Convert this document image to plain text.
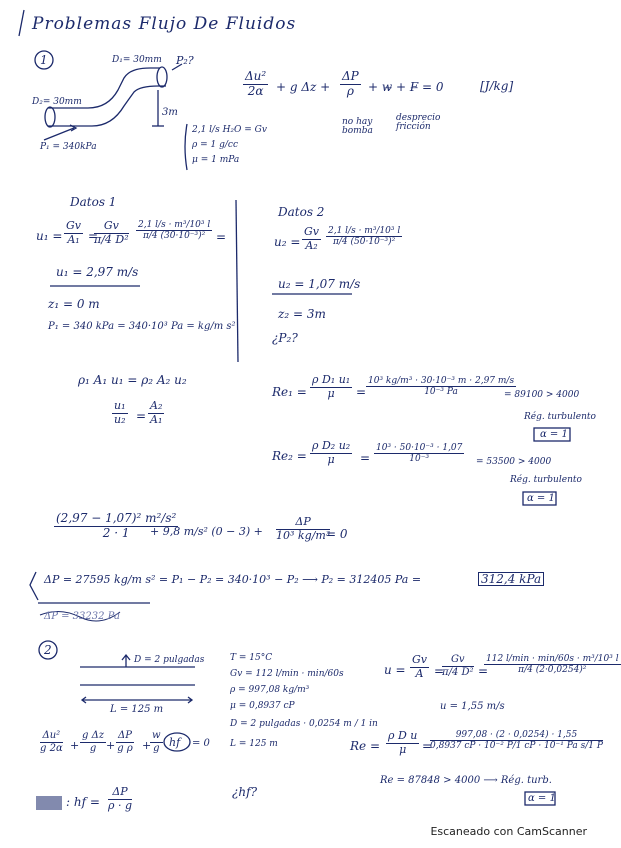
Problemas Flujo De Fluidos
1	D₁= 30mm P₂?
D₂= 30mm
3m
P₁ = 340kPa
2,1 l/s H₂O = Gv
ρ = 1 g/cc
μ = 1 mPa
$\frac{\text{Δu²}}{2\alpha} + g$ $\Delta z + \frac{\Delta P}{\rho}$ + w̶ + F̶ = 0	[J/kg]
no hay bomba
desprecio fricción
Datos 1
$u_1 = \frac{Gv}{\text{A₁}}$ =
$\frac{Gv}{\text{π/4 D²}} \frac{\text{2,1 l/s · m³/10³ l}}{\text{π/4 (30·10⁻³)²}}$ =
u₁ = 2,97 m/s
z₁ = 0 m
P₁ = 340 kPa = 340·10³ Pa = kg/m s²
Datos 2
$u_2 = \frac{Gv}{\text{A₂}} \frac{\text{2,1 l/s · m³/10³ l}}{\text{π/4 (50·10⁻³)²}}$
u₂ = 1,07 m/s
z₂ = 3m
¿P₂?
ρ₁ A₁ u₁ = ρ₂ A₂ u₂
$\frac{\text{u₁}}{\text{u₂}} = \frac{\text{A₂}}{\text{A₁}}$
$Re_1 = \frac{\text{ρ D₁ u₁}}{\mu} = \frac{\text{10³ kg/m³ · 30·10⁻³ m · 2,97 m/s}}{\text{10⁻³ Pa}}$
= 89100 > 4000
Rég. turbulento
α = 1
$Re_2 = \frac{\text{ρ D₂ u₂}}{\mu} = \frac{\text{10³ · 50·10⁻³ · 1,07}}{\text{10⁻³}} = 53500 > 4000$
Rég. turbulento
α = 1
$\frac{\text{(2,97 − 1,07)² m²/s²}}{2 \cdot 1}$
+ 9,8 m/s² $(0 - 3) + \frac{\Delta P}{\text{10³ kg/m³}}$
= 0
ΔP = 27595 kg/m s² = P₁ − P₂ = 340·10³ − P₂ ⟶ P₂ = 312405 Pa =	312,4 kPa
ΔP = 33232 Pa
2
D = 2 pulgadas
L = 125 m
T = 15°C
Gv = 112 l/min · min/60s
ρ = 997,08 kg/m³
μ = 0,8937 cP
D = 2 pulgadas · 0,0254 m / 1 in
L = 125 m
¿hf?
$u = \frac{Gv}{A}$ =
$\frac{Gv}{\text{π/4 D²}}$ =
112 l/min · min/60s · m³/10³ l
π/4 (2·0,0254)²
u = 1,55 m/s
$\frac{\text{Δu²}}{g 2\alpha} + \frac{\text{g Δz}}{g} + \frac{\Delta P}{\text{g ρ}}$ +
$\frac{w}{g}$ hf = 0
: hf = $\frac{\Delta P}{\rho \cdot g}$
$Re = \frac{\text{ρ D u}}{\mu}$ =
$\frac{997,08 \cdot (2 \cdot 0,0254) \cdot 1,55}{\text{0,8937 cP · 10⁻² P/1 cP · 10⁻¹ Pa s/1 P}}$
Re = 87848 > 4000 ⟶ Rég. turb.
α = 1
Escaneado con CamScanner
